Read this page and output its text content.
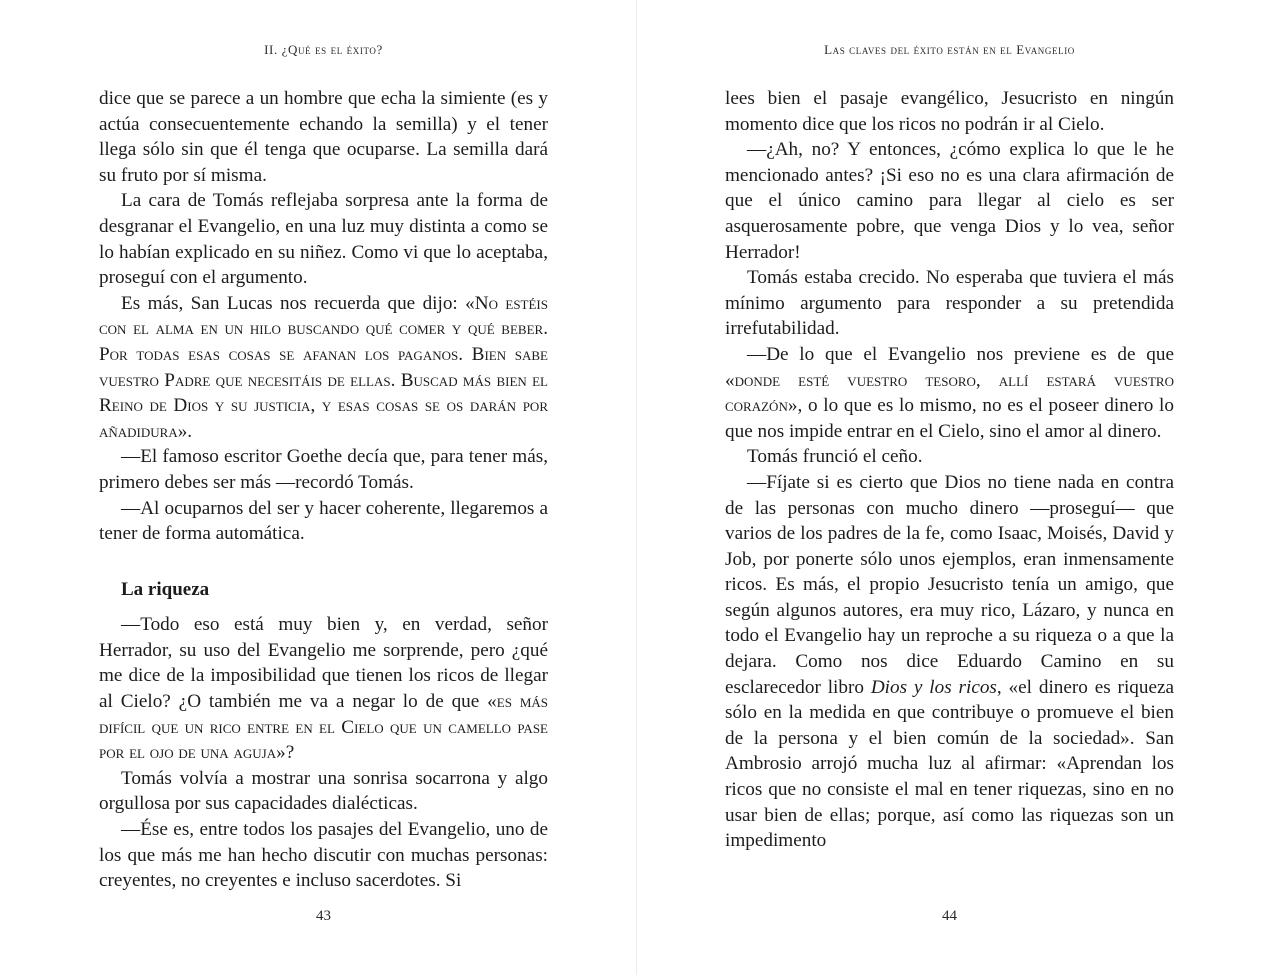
II. ¿Qué es el éxito?

dice que se parece a un hombre que echa la simiente (es y actúa consecuentemente echando la semilla) y el tener llega sólo sin que él tenga que ocuparse. La semilla dará su fruto por sí misma.

La cara de Tomás reflejaba sorpresa ante la forma de desgranar el Evangelio, en una luz muy distinta a como se lo habían explicado en su niñez. Como vi que lo aceptaba, proseguí con el argumento.

Es más, San Lucas nos recuerda que dijo: «No estéis con el alma en un hilo buscando qué comer y qué beber. Por todas esas cosas se afanan los paganos. Bien sabe vuestro Padre que necesitáis de ellas. Buscad más bien el Reino de Dios y su justicia, y esas cosas se os darán por añadidura».

—El famoso escritor Goethe decía que, para tener más, primero debes ser más —recordó Tomás.

—Al ocuparnos del ser y hacer coherente, llegaremos a tener de forma automática.

La riqueza

—Todo eso está muy bien y, en verdad, señor Herrador, su uso del Evangelio me sorprende, pero ¿qué me dice de la imposibilidad que tienen los ricos de llegar al Cielo? ¿O también me va a negar lo de que «es más difícil que un rico entre en el Cielo que un camello pase por el ojo de una aguja»?

Tomás volvía a mostrar una sonrisa socarrona y algo orgullosa por sus capacidades dialécticas.

—Ése es, entre todos los pasajes del Evangelio, uno de los que más me han hecho discutir con muchas personas: creyentes, no creyentes e incluso sacerdotes. Si

43
Las claves del éxito están en el Evangelio

lees bien el pasaje evangélico, Jesucristo en ningún momento dice que los ricos no podrán ir al Cielo.

—¿Ah, no? Y entonces, ¿cómo explica lo que le he mencionado antes? ¡Si eso no es una clara afirmación de que el único camino para llegar al cielo es ser asquerosamente pobre, que venga Dios y lo vea, señor Herrador!

Tomás estaba crecido. No esperaba que tuviera el más mínimo argumento para responder a su pretendida irrefutabilidad.

—De lo que el Evangelio nos previene es de que «donde esté vuestro tesoro, allí estará vuestro corazón», o lo que es lo mismo, no es el poseer dinero lo que nos impide entrar en el Cielo, sino el amor al dinero.

Tomás frunció el ceño.

—Fíjate si es cierto que Dios no tiene nada en contra de las personas con mucho dinero —proseguí— que varios de los padres de la fe, como Isaac, Moisés, David y Job, por ponerte sólo unos ejemplos, eran inmensamente ricos. Es más, el propio Jesucristo tenía un amigo, que según algunos autores, era muy rico, Lázaro, y nunca en todo el Evangelio hay un reproche a su riqueza o a que la dejara. Como nos dice Eduardo Camino en su esclarecedor libro Dios y los ricos, «el dinero es riqueza sólo en la medida en que contribuye o promueve el bien de la persona y el bien común de la sociedad». San Ambrosio arrojó mucha luz al afirmar: «Aprendan los ricos que no consiste el mal en tener riquezas, sino en no usar bien de ellas; porque, así como las riquezas son un impedimento

44
